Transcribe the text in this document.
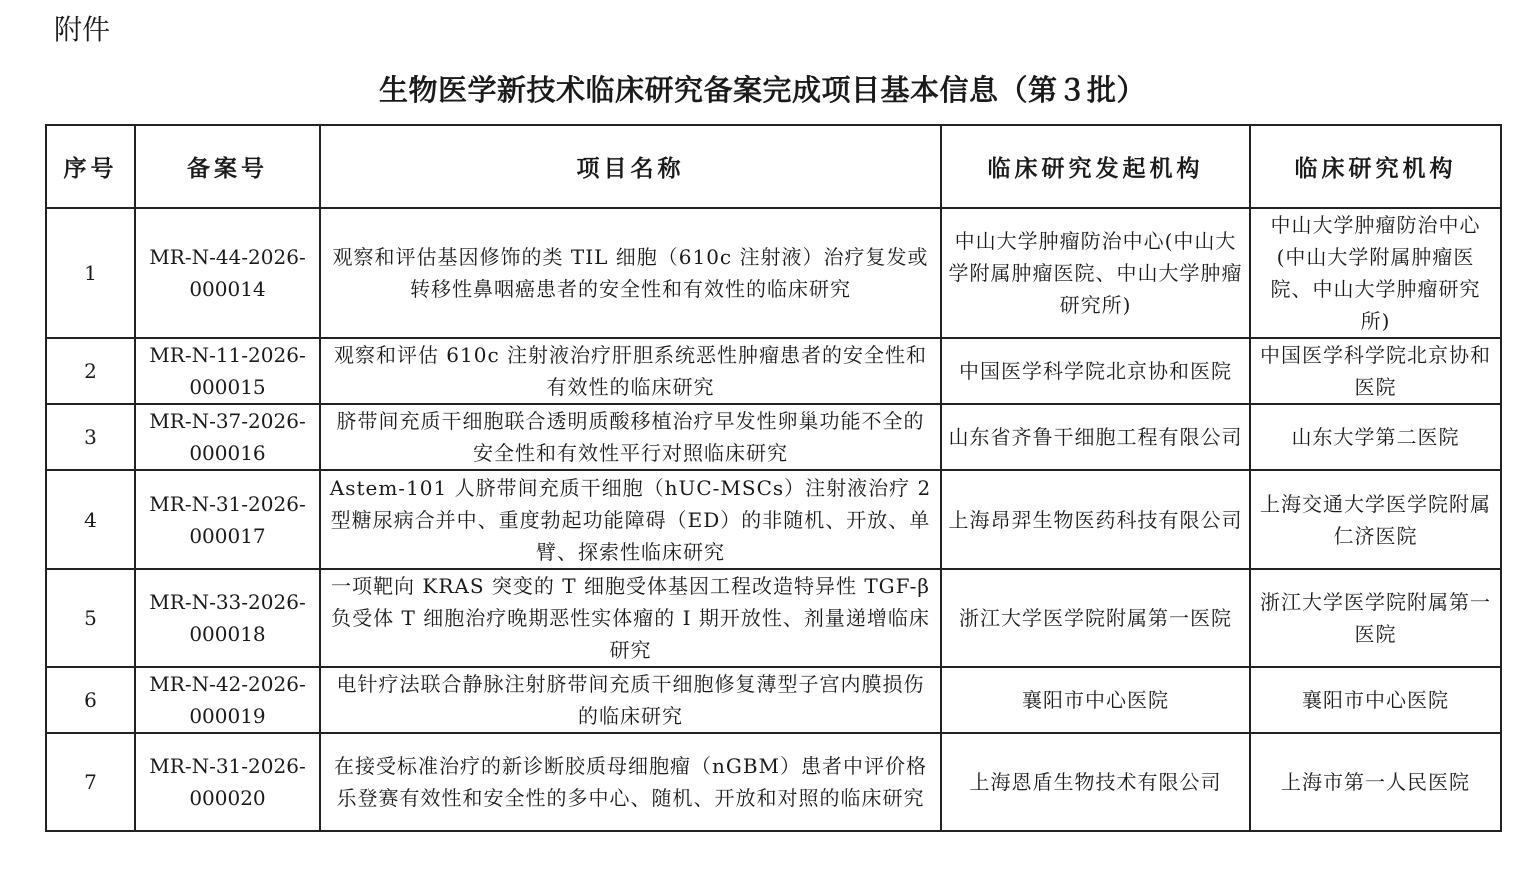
附件
生物医学新技术临床研究备案完成项目基本信息（第３批）
序号	备案号	项目名称	临床研究发起机构	临床研究机构
1	MR-N-44-2026-000014	观察和评估基因修饰的类 TIL 细胞（610c 注射液）治疗复发或转移性鼻咽癌患者的安全性和有效性的临床研究	中山大学肿瘤防治中心(中山大学附属肿瘤医院、中山大学肿瘤研究所)	中山大学肿瘤防治中心(中山大学附属肿瘤医院、中山大学肿瘤研究所)
2	MR-N-11-2026-000015	观察和评估 610c 注射液治疗肝胆系统恶性肿瘤患者的安全性和有效性的临床研究	中国医学科学院北京协和医院	中国医学科学院北京协和医院
3	MR-N-37-2026-000016	脐带间充质干细胞联合透明质酸移植治疗早发性卵巢功能不全的安全性和有效性平行对照临床研究	山东省齐鲁干细胞工程有限公司	山东大学第二医院
4	MR-N-31-2026-000017	Astem-101 人脐带间充质干细胞（hUC-MSCs）注射液治疗 2 型糖尿病合并中、重度勃起功能障碍（ED）的非随机、开放、单臂、探索性临床研究	上海昂羿生物医药科技有限公司	上海交通大学医学院附属仁济医院
5	MR-N-33-2026-000018	一项靶向 KRAS 突变的 T 细胞受体基因工程改造特异性 TGF-β 负受体 T 细胞治疗晚期恶性实体瘤的 I 期开放性、剂量递增临床研究	浙江大学医学院附属第一医院	浙江大学医学院附属第一医院
6	MR-N-42-2026-000019	电针疗法联合静脉注射脐带间充质干细胞修复薄型子宫内膜损伤的临床研究	襄阳市中心医院	襄阳市中心医院
7	MR-N-31-2026-000020	在接受标准治疗的新诊断胶质母细胞瘤（nGBM）患者中评价格乐登赛有效性和安全性的多中心、随机、开放和对照的临床研究	上海恩盾生物技术有限公司	上海市第一人民医院
